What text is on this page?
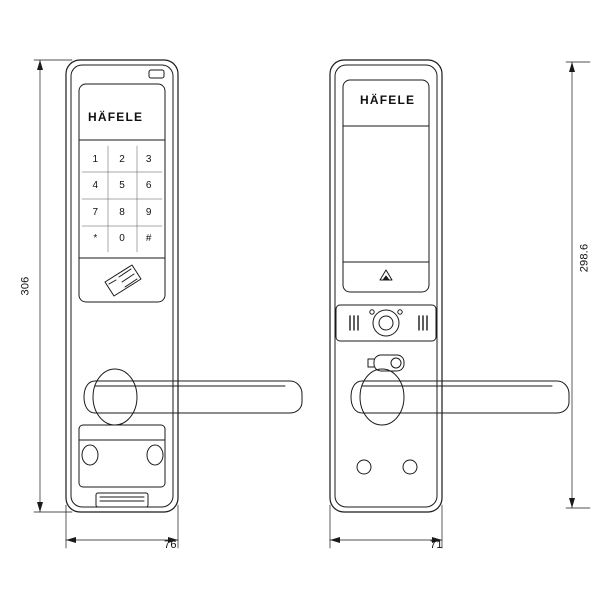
HÄFELE
HÄFELE
1	2	3
4	5	6
7	8	9
*	0	#
306
76
298.6
71
